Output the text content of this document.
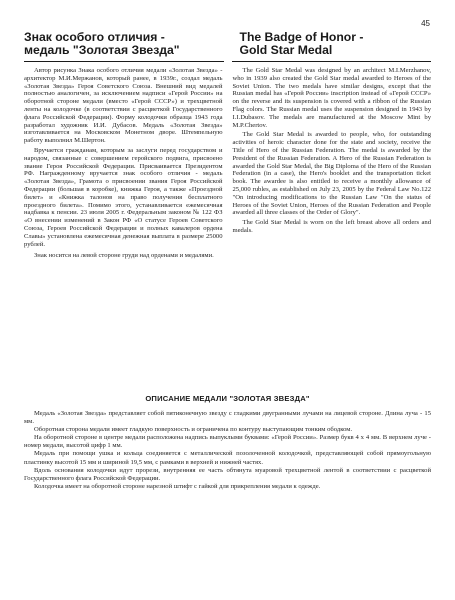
45
Знак особого отличия -
медаль "Золотая Звезда"
The Badge of Honor -
Gold Star Medal

Автор рисунка Знака особого отличия медали «Золотая Звезда» - архитектор М.И.Мержанов, который ранее, в 1939г., создал медаль «Золотая Звезда» Героя Советского Союза. Внешний вид медалей полностью аналогичен, за исключением надписи «Герой России» на оборотной стороне медали (вместо «Герой СССР») и трехцветной ленты на колодочке (в соответствии с расцветкой Государственного флага Российской Федерации). Форму колодочки образца 1943 года разработал художник И.И. Дубасов. Медаль «Золотая Звезда» изготавливается на Московском Монетном дворе. Штемпельную работу выполнил М.Шертон.

Вручается гражданам, которым за заслуги перед государством и народом, связанные с совершением геройского подвига, присвоено звание Героя Российской Федерации. Присваивается Президентом РФ. Награжденному вручается знак особого отличия - медаль «Золотая Звезда», Грамота о присвоении звания Героя Российской Федерации (большая в коробке), книжка Героя, а также «Проездной билет» и «Книжка талонов на право получения бесплатного проездного билета». Помимо этого, устанавливается ежемесячная надбавка к пенсии. 23 июля 2005 г. Федеральным законом № 122 ФЗ «О внесении изменений в Закон РФ «О статусе Героев Советского Союза, Героев Российской Федерации и полных кавалеров ордена Славы» установлена ежемесячная денежная выплата в размере 25000 рублей.

Знак носится на левой стороне груди над орденами и медалями.

The Gold Star Medal was designed by an architect M.I.Merzhanov, who in 1939 also created the Gold Star medal awarded to Heroes of the Soviet Union. The two medals have similar designs, except that the Russian medal has «Герой России» inscription instead of «Герой СССР» on the reverse and its suspension is covered with a ribbon of the Russian Flag colors. The Russian medal uses the suspension designed in 1943 by I.I.Dubasov. The medals are manufactured at the Moscow Mint by M.P.Chertov.

The Gold Star Medal is awarded to people, who, for outstanding activities of heroic character done for the state and society, receive the Title of Hero of the Russian Federation. The medal is awarded by the President of the Russian Federation. A Hero of the Russian Federation is awarded the Gold Star Medal, the Big Diploma of the Hero of the Russian Federation (in a case), the Hero's booklet and the transportation ticket book. The awardee is also entitled to receive a monthly allowance of 25,000 rubles, as established on July 23, 2005 by the Federal Law No.122 "On introducing modifications to the Russian Law "On the status of Heroes of the Soviet Union, Heroes of the Russian Federation and People awarded all three classes of the Order of Glory".

The Gold Star Medal is worn on the left breast above all orders and medals.

ОПИСАНИЕ МЕДАЛИ "ЗОЛОТАЯ ЗВЕЗДА"

Медаль «Золотая Звезда» представляет собой пятиконечную звезду с гладкими двугранными лучами на лицевой стороне. Длина луча - 15 мм.

Оборотная сторона медали имеет гладкую поверхность и ограничена по контуру выступающим тонким ободком.

На оборотной стороне в центре медали расположена надпись выпуклыми буквами: «Герой России». Размер букв 4 х 4 мм. В верхнем луче - номер медали, высотой цифр 1 мм.

Медаль при помощи ушка и кольца соединяется с металлической позолоченной колодочкой, представляющей собой прямоугольную пластинку высотой 15 мм и шириной 19,5 мм, с рамками в верхней и нижней частях.

Вдоль основания колодочки идут прорези, внутренняя ее часть обтянута муаровой трехцветной лентой в соответствии с расцветкой Государственного флага Российской Федерации.

Колодочка имеет на оборотной стороне нарезной штифт с гайкой для прикрепления медали к одежде.
